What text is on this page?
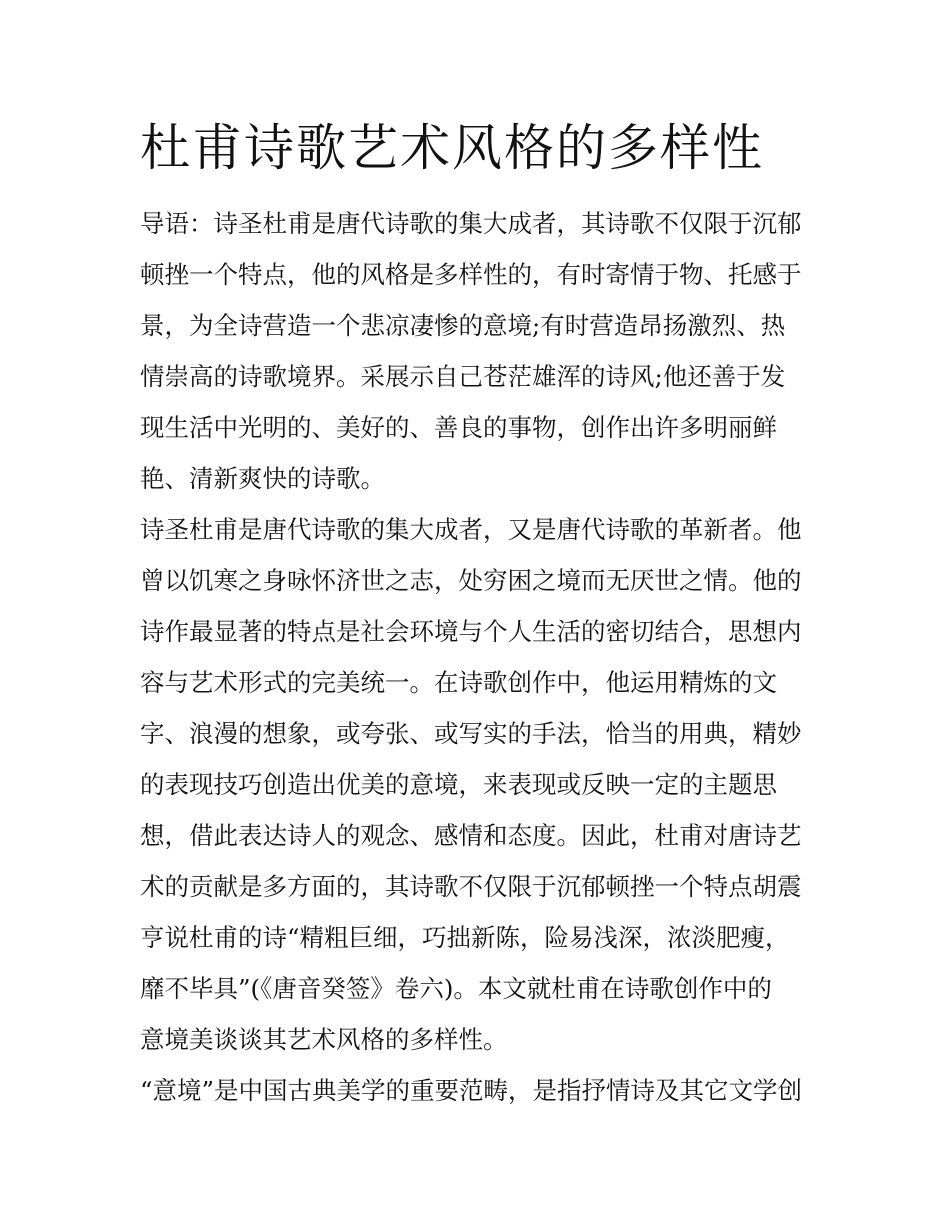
杜甫诗歌艺术风格的多样性

导语：诗圣杜甫是唐代诗歌的集大成者，其诗歌不仅限于沉郁
顿挫一个特点，他的风格是多样性的，有时寄情于物、托感于
景，为全诗营造一个悲凉凄惨的意境;有时营造昂扬激烈、热
情崇高的诗歌境界。采展示自己苍茫雄浑的诗风;他还善于发
现生活中光明的、美好的、善良的事物，创作出许多明丽鲜
艳、清新爽快的诗歌。

诗圣杜甫是唐代诗歌的集大成者，又是唐代诗歌的革新者。他
曾以饥寒之身咏怀济世之志，处穷困之境而无厌世之情。他的
诗作最显著的特点是社会环境与个人生活的密切结合，思想内
容与艺术形式的完美统一。在诗歌创作中，他运用精炼的文
字、浪漫的想象，或夸张、或写实的手法，恰当的用典，精妙
的表现技巧创造出优美的意境，来表现或反映一定的主题思
想，借此表达诗人的观念、感情和态度。因此，杜甫对唐诗艺
术的贡献是多方面的，其诗歌不仅限于沉郁顿挫一个特点胡震
亨说杜甫的诗“精粗巨细，巧拙新陈，险易浅深，浓淡肥瘦，
靡不毕具”(《唐音癸签》卷六)。本文就杜甫在诗歌创作中的
意境美谈谈其艺术风格的多样性。

“意境”是中国古典美学的重要范畴，是指抒情诗及其它文学创
